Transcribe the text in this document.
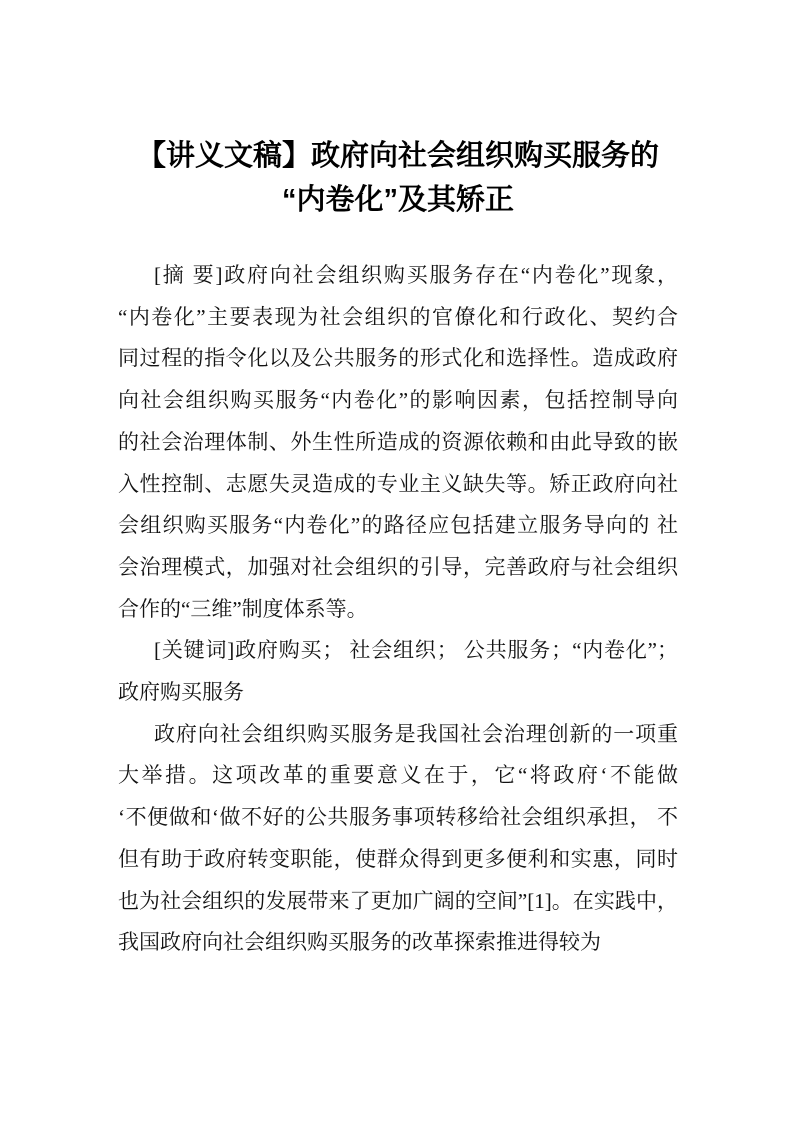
【讲义文稿】政府向社会组织购买服务的
“内卷化”及其矫正
[摘 要]政府向社会组织购买服务存在“内卷化”现象，
“内卷化”主要表现为社会组织的官僚化和行政化、契约合
同过程的指令化以及公共服务的形式化和选择性。造成政府
向社会组织购买服务“内卷化”的影响因素，包括控制导向
的社会治理体制、外生性所造成的资源依赖和由此导致的嵌
入性控制、志愿失灵造成的专业主义缺失等。矫正政府向社
会组织购买服务“内卷化”的路径应包括建立服务导向的 社
会治理模式，加强对社会组织的引导，完善政府与社会组织
合作的“三维”制度体系等。
[关键词]政府购买； 社会组织； 公共服务；“内卷化”；
政府购买服务
政府向社会组织购买服务是我国社会治理创新的一项重
大举措。这项改革的重要意义在于，它“将政府‘不能做
‘不便做和‘做不好的公共服务事项转移给社会组织承担， 不
但有助于政府转变职能，使群众得到更多便利和实惠，同时
也为社会组织的发展带来了更加广阔的空间”[1]。在实践中，
我国政府向社会组织购买服务的改革探索推进得较为
